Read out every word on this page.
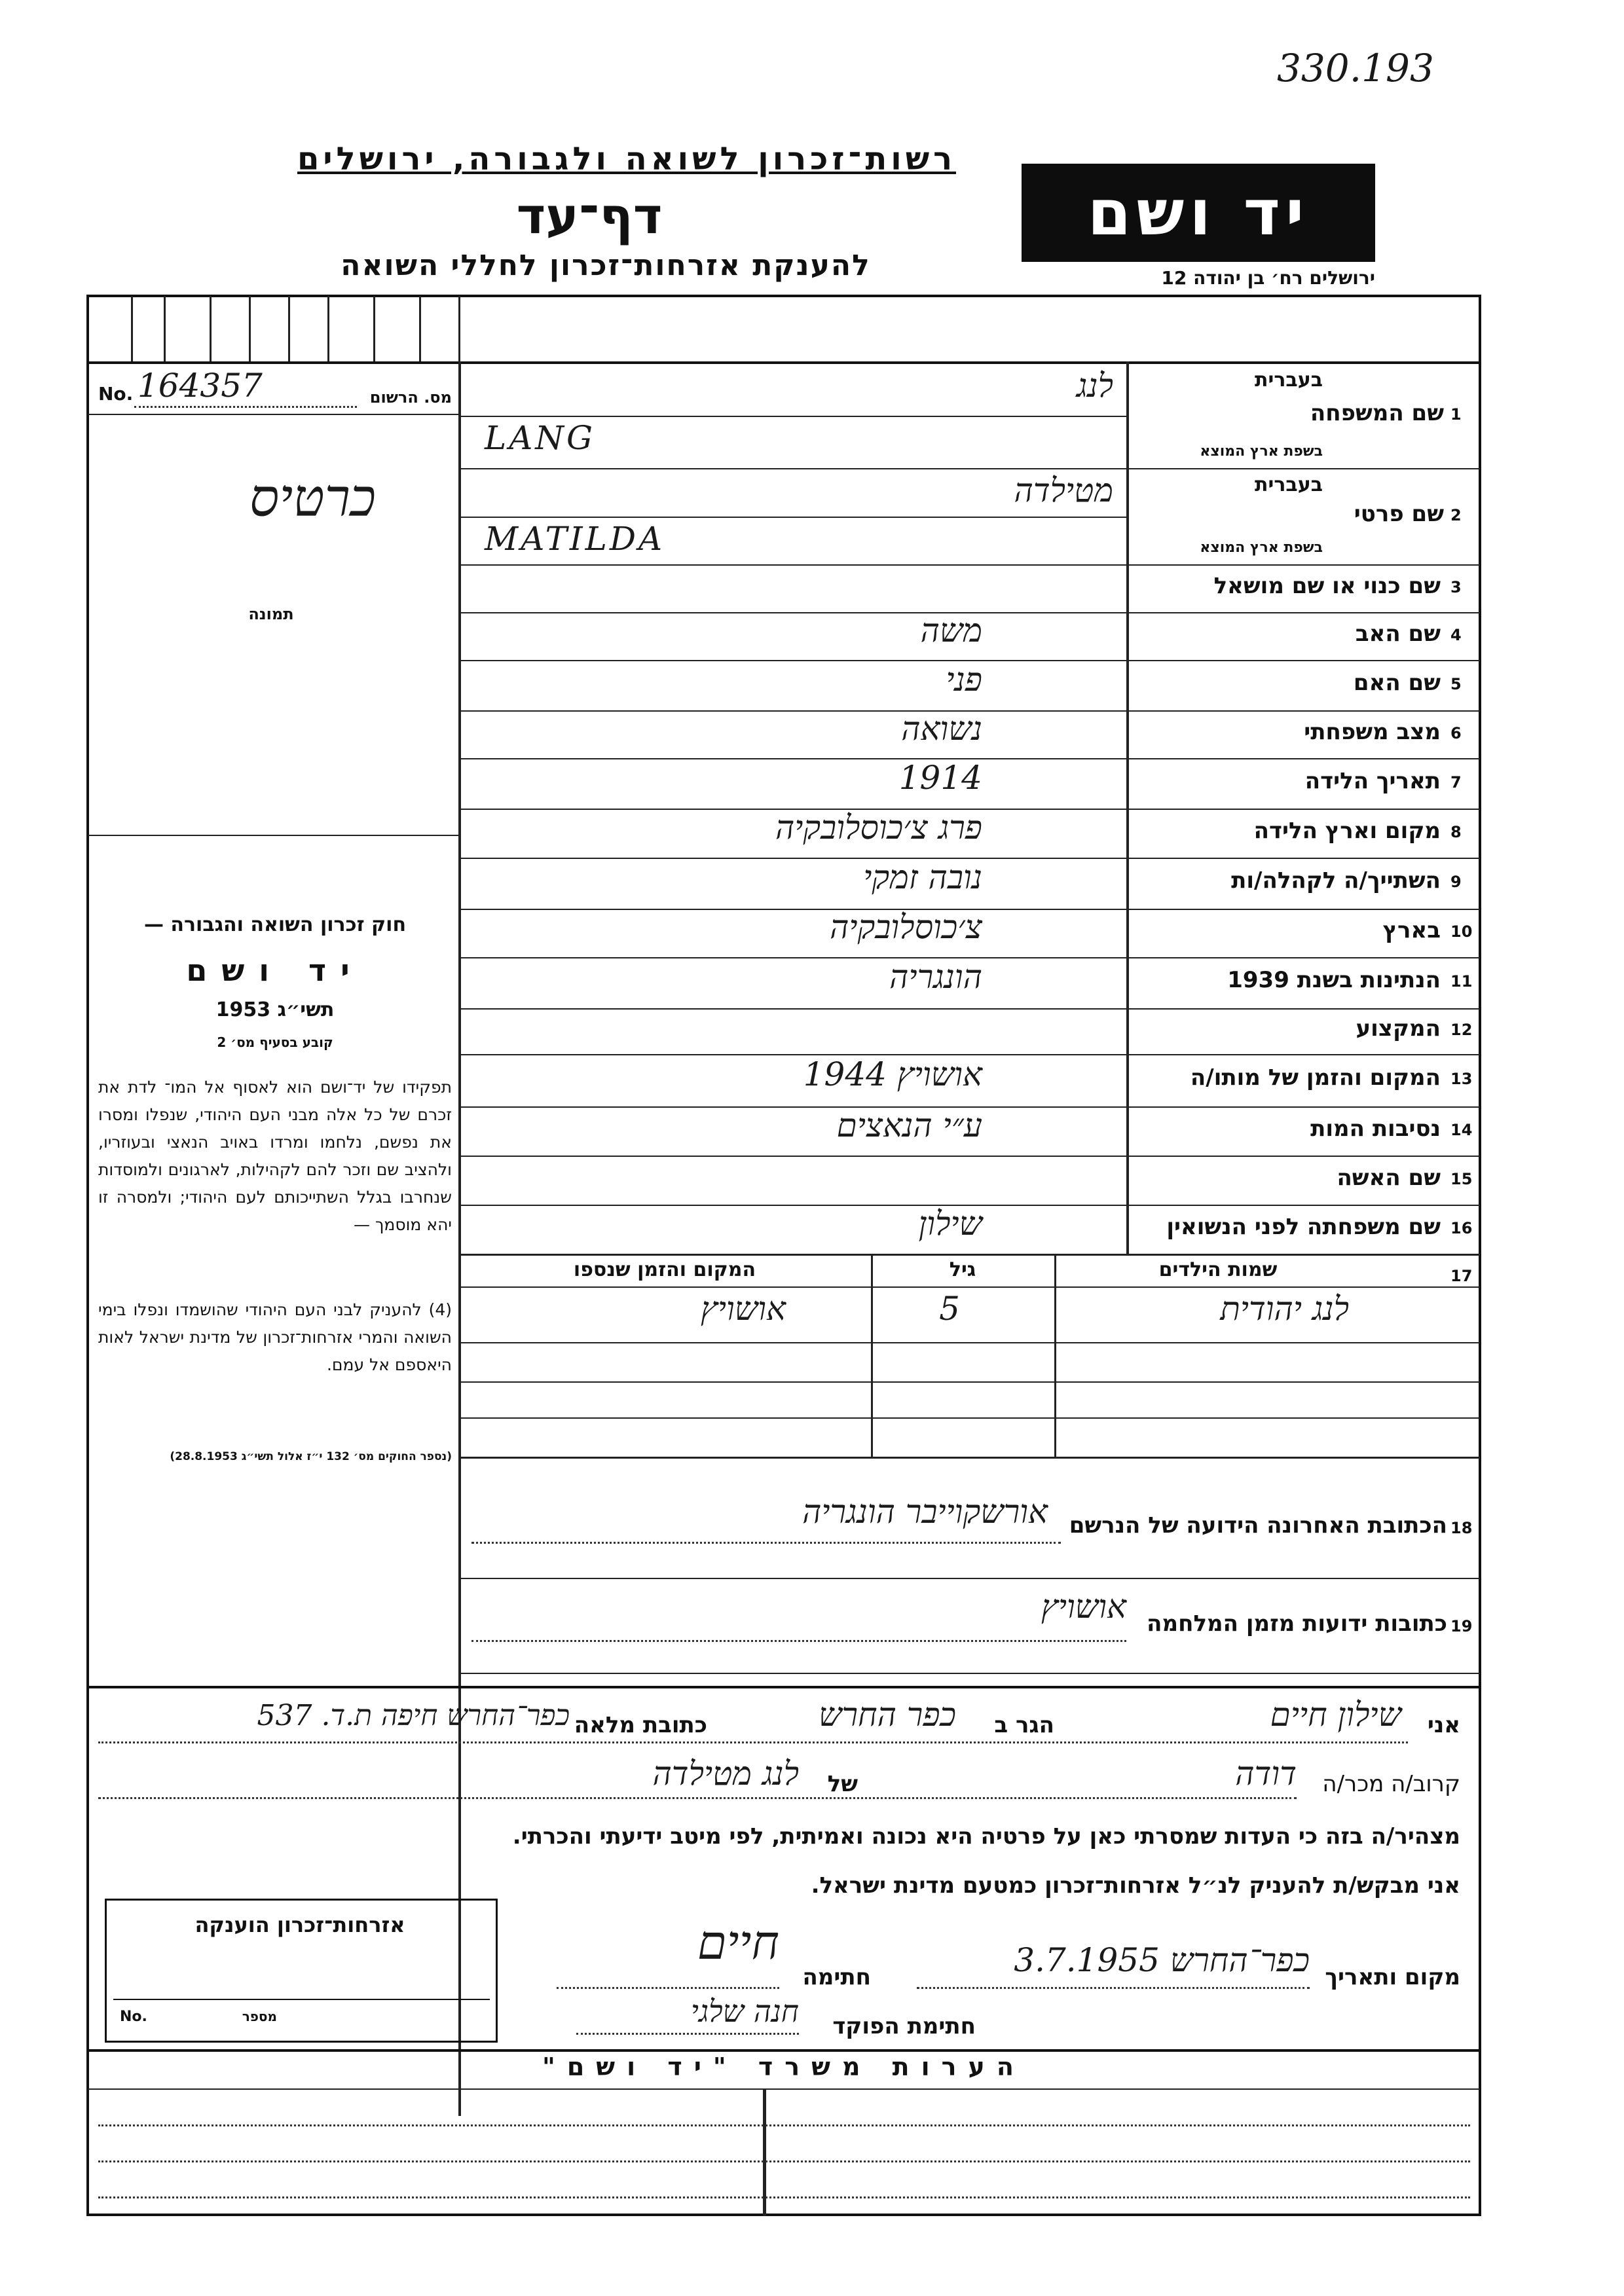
330.193
רשות־זכרון לשואה ולגבורה, ירושלים
דף־עד
להענקת אזרחות־זכרון לחללי השואה
יד ושם
ירושלים רח׳ בן יהודה 12
No. 164357	מס. הרשום
כרטיס
תמונה
חוק זכרון השואה והגבורה —
יד ושם
תשי״ג 1953
קובע בסעיף מס׳ 2
תפקידו של יד־ושם הוא לאסוף אל המו־ לדת את זכרם של כל אלה מבני העם היהודי, שנפלו ומסרו את נפשם, נלחמו ומרדו באויב הנאצי ובעוזריו, ולהציב שם וזכר להם לקהילות, לארגונים ולמוסדות שנחרבו בגלל השתייכותם לעם היהודי; ולמסרה זו יהא מוסמך —
(4) להעניק לבני העם היהודי שהושמדו ונפלו בימי השואה והמרי אזרחות־זכרון של מדינת ישראל לאות היאספם אל עמם.
(נספר החוקים מס׳ 132 י״ז אלול תשי״ג 28.8.1953)
1
שם המשפחה
בעברית
בשפת ארץ המוצא
לנג
LANG
2
שם פרטי
בעברית
בשפת ארץ המוצא
מטילדה
MATILDA
3
שם כנוי או שם מושאל
4
שם האב
משה
5
שם האם
פני
6
מצב משפחתי
נשואה
7
תאריך הלידה
1914
8
מקום וארץ הלידה
פרג צ׳כוסלובקיה
9
השתייך/ה לקהלה/ות
נובה זמקי
10
בארץ
צ׳כוסלובקיה
11
הנתינות בשנת 1939
הונגריה
12
המקצוע
13
המקום והזמן של מותו/ה
אושויץ 1944
14
נסיבות המות
ע״י הנאצים
15
שם האשה
16
שם משפחתה לפני הנשואין
שילון
17
שמות הילדים
גיל
המקום והזמן שנספו
לנג יהודית
5
אושויץ
18
הכתובת האחרונה הידועה של הנרשם
אורשקוייבר הונגריה
19
כתובות ידועות מזמן המלחמה
אושויץ
אני
שילון חיים
הגר ב
כפר החרש
כתובת מלאה
כפר־החרש חיפה ת.ד. 537
קרוב/ה מכר/ה
דודה
של
לנג מטילדה
מצהיר/ה בזה כי העדות שמסרתי כאן על פרטיה היא נכונה ואמיתית, לפי מיטב ידיעתי והכרתי.
אני מבקש/ת להעניק לנ״ל אזרחות־זכרון כמטעם מדינת ישראל.
אזרחות־זכרון הוענקה
No.	מספר
מקום ותאריך
כפר־החרש 3.7.1955
חתימה
חיים
חתימת הפוקד
חנה שלגי
הערות משרד "יד ושם"
